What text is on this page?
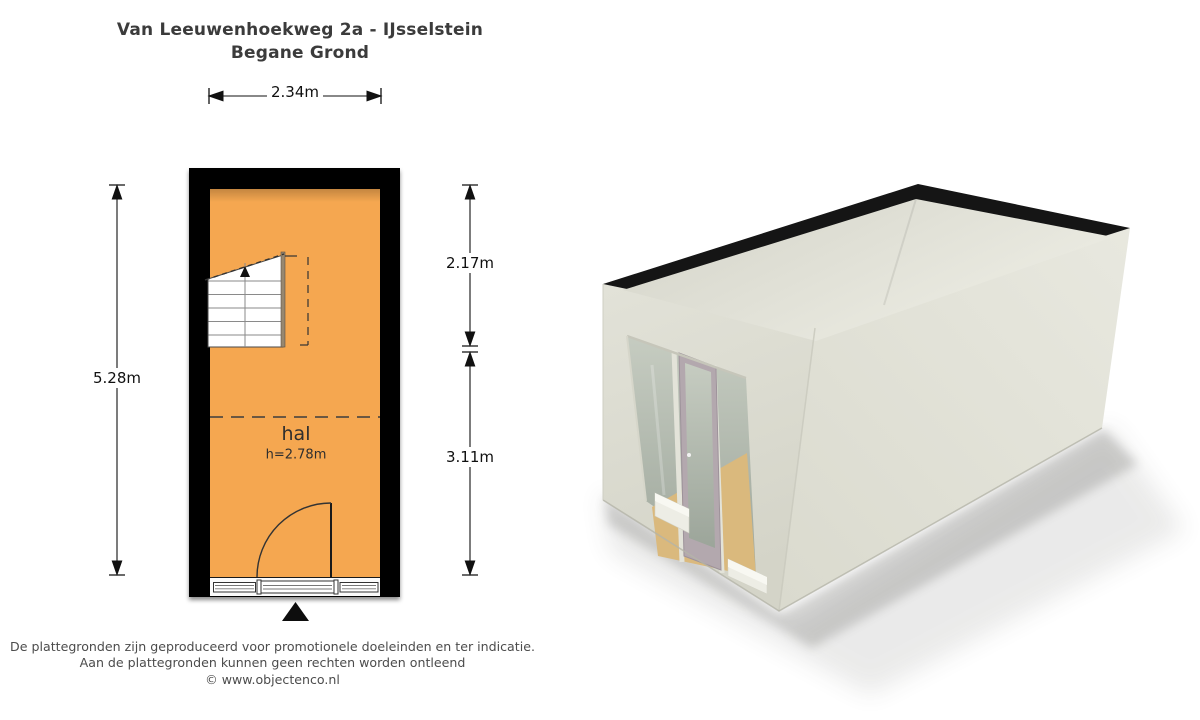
Van Leeuwenhoekweg 2a - IJsselstein
Begane Grond
2.34m
5.28m
2.17m
3.11m
hal
h=2.78m
De plattegronden zijn geproduceerd voor promotionele doeleinden en ter indicatie.
Aan de plattegronden kunnen geen rechten worden ontleend
© www.objectenco.nl
